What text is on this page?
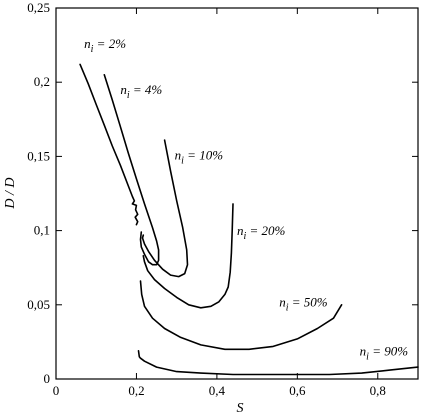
0	0,2	0,4	0,6	0,8
0
0,05
0,1
0,15
0,2
0,25
$n_i = 2\%$
$n_i = 4\%$
$n_i = 10\%$
$n_i = 20\%$
$n_i = 50\%$
$n_i = 90\%$
S
D / D
